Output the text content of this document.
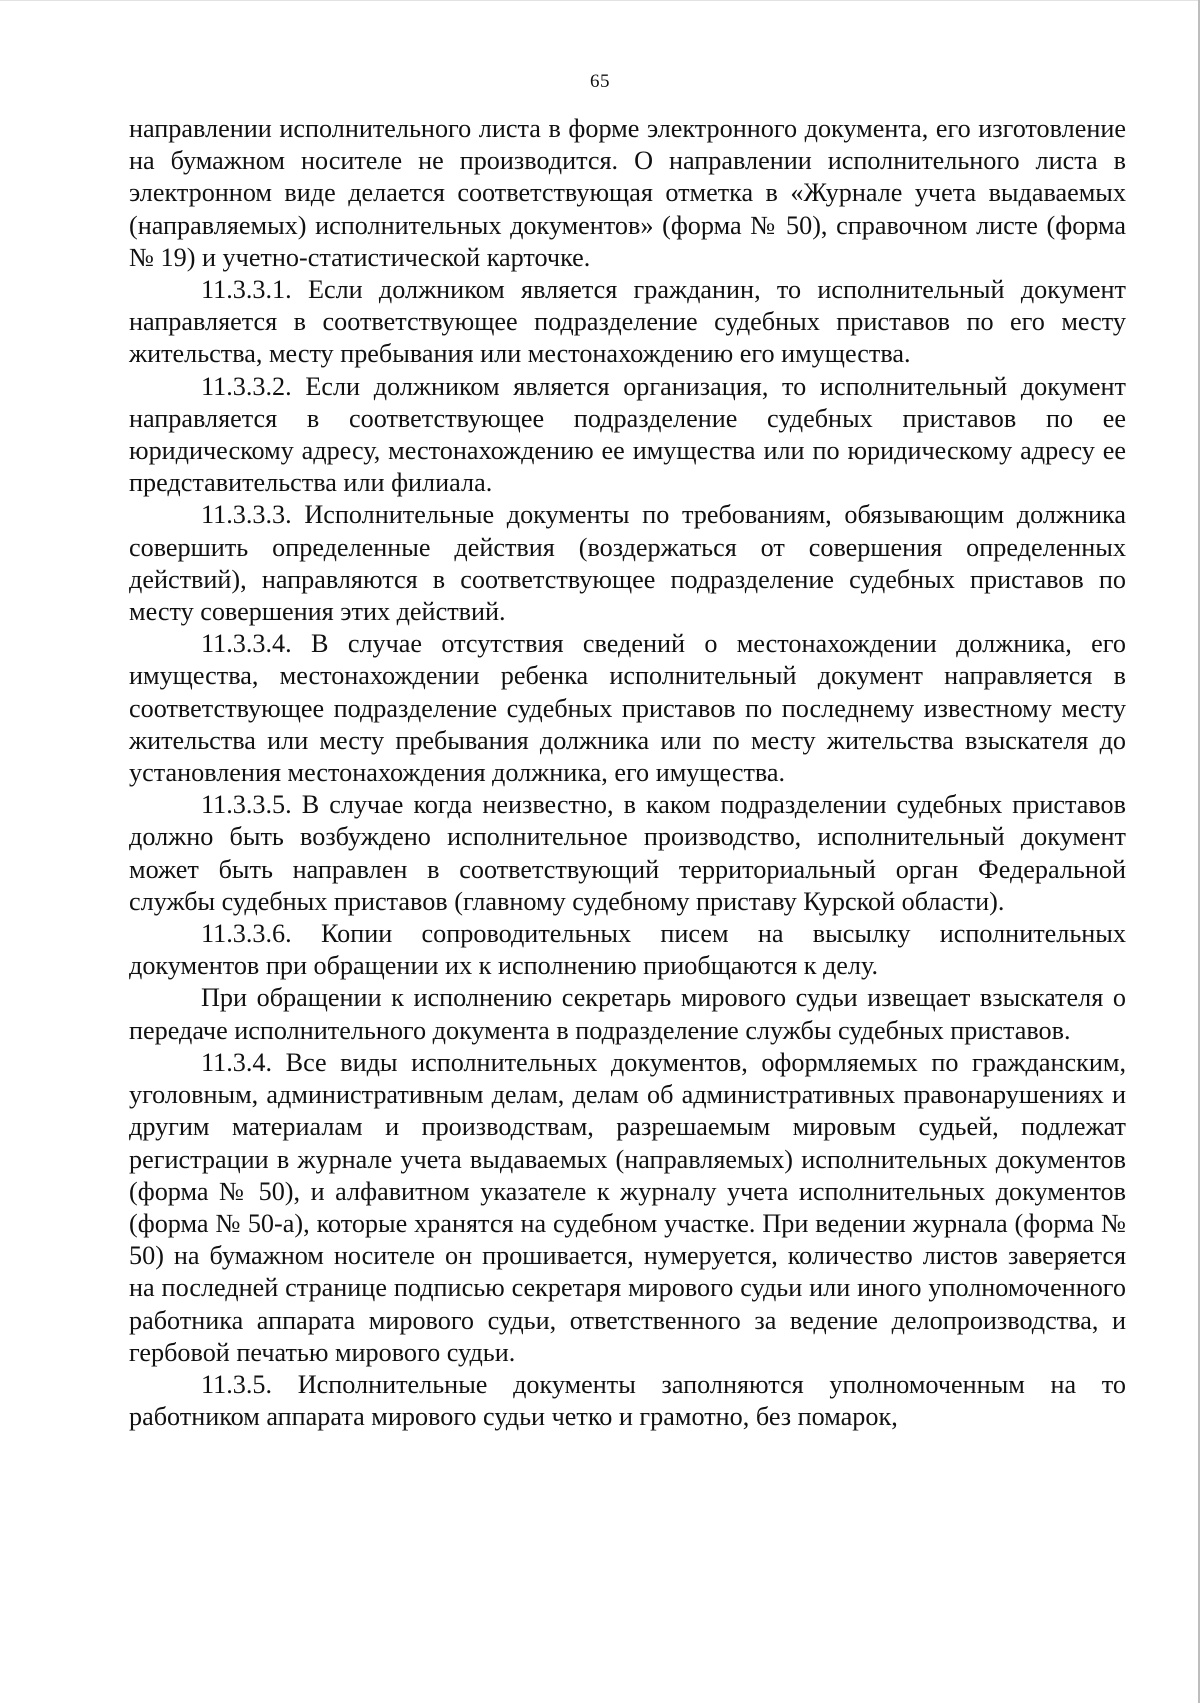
65

направлении исполнительного листа в форме электронного документа, его изготовление на бумажном носителе не производится. О направлении исполнительного листа в электронном виде делается соответствующая отметка в «Журнале учета выдаваемых (направляемых) исполнительных документов» (форма № 50), справочном листе (форма № 19) и учетно-статистической карточке.

11.3.3.1. Если должником является гражданин, то исполнительный документ направляется в соответствующее подразделение судебных приставов по его месту жительства, месту пребывания или местонахождению его имущества.

11.3.3.2. Если должником является организация, то исполнительный документ направляется в соответствующее подразделение судебных приставов по ее юридическому адресу, местонахождению ее имущества или по юридическому адресу ее представительства или филиала.

11.3.3.3. Исполнительные документы по требованиям, обязывающим должника совершить определенные действия (воздержаться от совершения определенных действий), направляются в соответствующее подразделение судебных приставов по месту совершения этих действий.

11.3.3.4. В случае отсутствия сведений о местонахождении должника, его имущества, местонахождении ребенка исполнительный документ направляется в соответствующее подразделение судебных приставов по последнему известному месту жительства или месту пребывания должника или по месту жительства взыскателя до установления местонахождения должника, его имущества.

11.3.3.5. В случае когда неизвестно, в каком подразделении судебных приставов должно быть возбуждено исполнительное производство, исполнительный документ может быть направлен в соответствующий территориальный орган Федеральной службы судебных приставов (главному судебному приставу Курской области).

11.3.3.6. Копии сопроводительных писем на высылку исполнительных документов при обращении их к исполнению приобщаются к делу.

При обращении к исполнению секретарь мирового судьи извещает взыскателя о передаче исполнительного документа в подразделение службы судебных приставов.

11.3.4. Все виды исполнительных документов, оформляемых по гражданским, уголовным, административным делам, делам об административных правонарушениях и другим материалам и производствам, разрешаемым мировым судьей, подлежат регистрации в журнале учета выдаваемых (направляемых) исполнительных документов (форма № 50), и алфавитном указателе к журналу учета исполнительных документов (форма № 50-а), которые хранятся на судебном участке. При ведении журнала (форма № 50) на бумажном носителе он прошивается, нумеруется, количество листов заверяется на последней странице подписью секретаря мирового судьи или иного уполномоченного работника аппарата мирового судьи, ответственного за ведение делопроизводства, и гербовой печатью мирового судьи.

11.3.5. Исполнительные документы заполняются уполномоченным на то работником аппарата мирового судьи четко и грамотно, без помарок,
